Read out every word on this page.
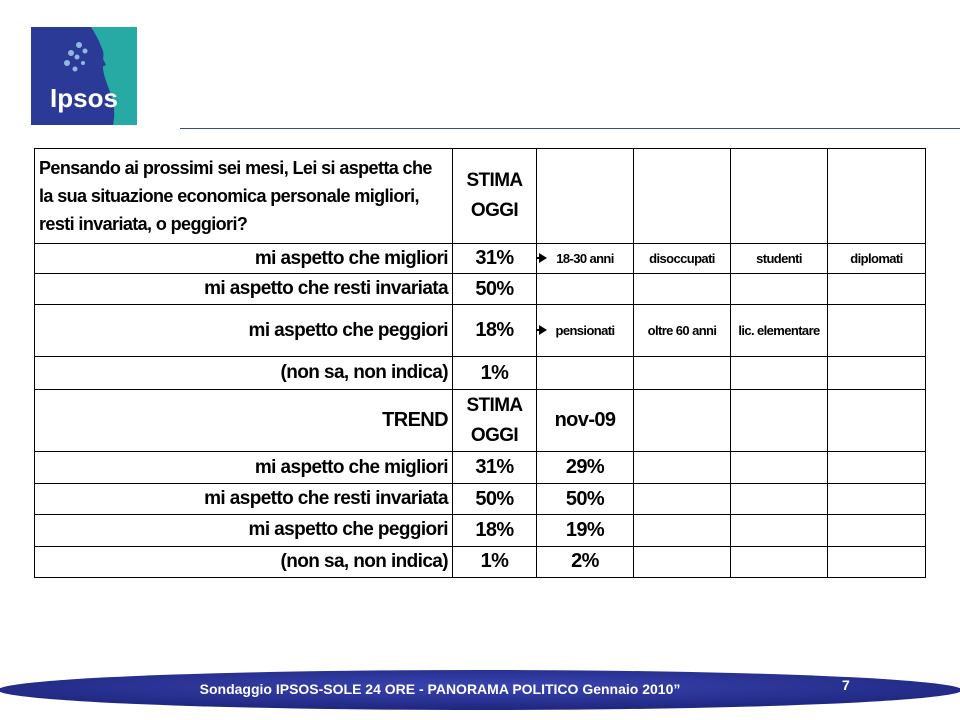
Ipsos
Pensando ai prossimi sei mesi, Lei si aspetta che la sua situazione economica personale migliori, resti invariata, o peggiori?	STIMA OGGI				
mi aspetto che migliori	31%	18-30 anni	disoccupati	studenti	diplomati
mi aspetto che resti invariata	50%				
mi aspetto che peggiori	18%	pensionati	oltre 60 anni	lic. elementare	
(non sa, non indica)	1%				
TREND	STIMA OGGI	nov-09			
mi aspetto che migliori	31%	29%			
mi aspetto che resti invariata	50%	50%			
mi aspetto che peggiori	18%	19%			
(non sa, non indica)	1%	2%			
Sondaggio IPSOS-SOLE 24 ORE - PANORAMA POLITICO Gennaio 2010”	7
